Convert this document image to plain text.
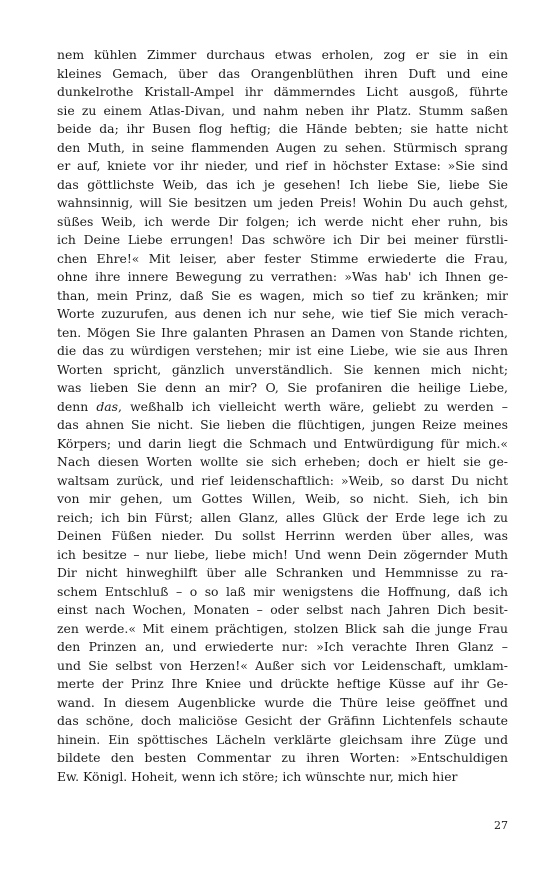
nem kühlen Zimmer durchaus etwas erholen, zog er sie in ein
kleines Gemach, über das Orangenblüthen ihren Duft und eine
dunkelrothe Kristall-Ampel ihr dämmerndes Licht ausgoß, führte
sie zu einem Atlas-Divan, und nahm neben ihr Platz. Stumm saßen
beide da; ihr Busen flog heftig; die Hände bebten; sie hatte nicht
den Muth, in seine flammenden Augen zu sehen. Stürmisch sprang
er auf, kniete vor ihr nieder, und rief in höchster Extase: »Sie sind
das göttlichste Weib, das ich je gesehen! Ich liebe Sie, liebe Sie
wahnsinnig, will Sie besitzen um jeden Preis! Wohin Du auch gehst,
süßes Weib, ich werde Dir folgen; ich werde nicht eher ruhn, bis
ich Deine Liebe errungen! Das schwöre ich Dir bei meiner fürstli-
chen Ehre!« Mit leiser, aber fester Stimme erwiederte die Frau,
ohne ihre innere Bewegung zu verrathen: »Was hab' ich Ihnen ge-
than, mein Prinz, daß Sie es wagen, mich so tief zu kränken; mir
Worte zuzurufen, aus denen ich nur sehe, wie tief Sie mich verach-
ten. Mögen Sie Ihre galanten Phrasen an Damen von Stande richten,
die das zu würdigen verstehen; mir ist eine Liebe, wie sie aus Ihren
Worten spricht, gänzlich unverständlich. Sie kennen mich nicht;
was lieben Sie denn an mir? O, Sie profaniren die heilige Liebe,
denn das, weßhalb ich vielleicht werth wäre, geliebt zu werden –
das ahnen Sie nicht. Sie lieben die flüchtigen, jungen Reize meines
Körpers; und darin liegt die Schmach und Entwürdigung für mich.«
Nach diesen Worten wollte sie sich erheben; doch er hielt sie ge-
waltsam zurück, und rief leidenschaftlich: »Weib, so darst Du nicht
von mir gehen, um Gottes Willen, Weib, so nicht. Sieh, ich bin
reich; ich bin Fürst; allen Glanz, alles Glück der Erde lege ich zu
Deinen Füßen nieder. Du sollst Herrinn werden über alles, was
ich besitze – nur liebe, liebe mich! Und wenn Dein zögernder Muth
Dir nicht hinweghilft über alle Schranken und Hemmnisse zu ra-
schem Entschluß – o so laß mir wenigstens die Hoffnung, daß ich
einst nach Wochen, Monaten – oder selbst nach Jahren Dich besit-
zen werde.« Mit einem prächtigen, stolzen Blick sah die junge Frau
den Prinzen an, und erwiederte nur: »Ich verachte Ihren Glanz –
und Sie selbst von Herzen!« Außer sich vor Leidenschaft, umklam-
merte der Prinz Ihre Kniee und drückte heftige Küsse auf ihr Ge-
wand. In diesem Augenblicke wurde die Thüre leise geöffnet und
das schöne, doch maliciöse Gesicht der Gräfinn Lichtenfels schaute
hinein. Ein spöttisches Lächeln verklärte gleichsam ihre Züge und
bildete den besten Commentar zu ihren Worten: »Entschuldigen
Ew. Königl. Hoheit, wenn ich störe; ich wünschte nur, mich hier
27
